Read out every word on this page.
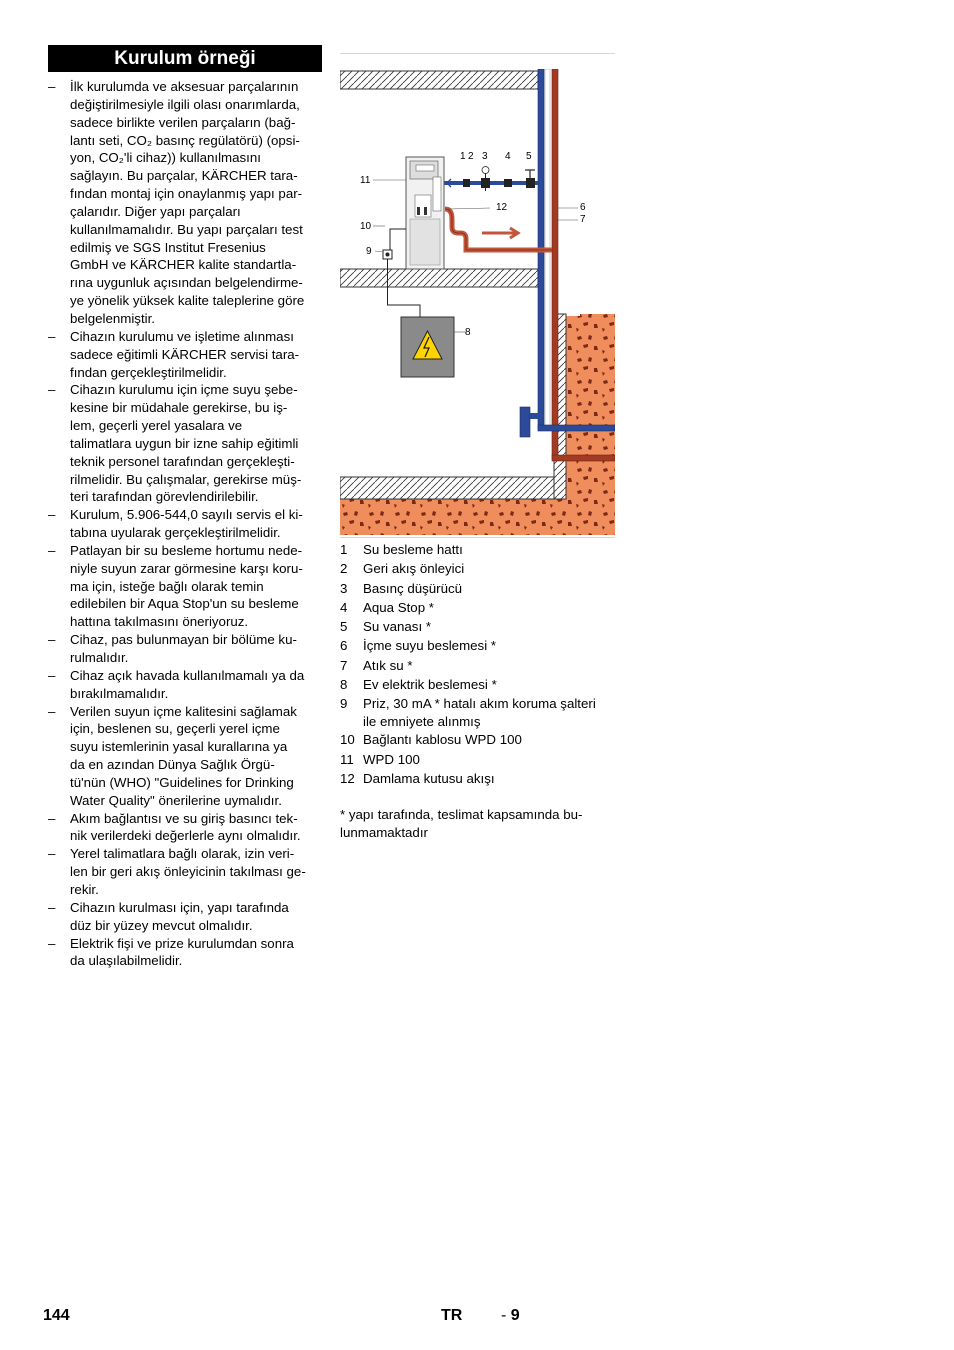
Kurulum örneği
– İlk kurulumda ve aksesuar parçalarının
değiştirilmesiyle ilgili olası onarımlarda,
sadece birlikte verilen parçaların (bağ-
lantı seti, CO₂ basınç regülatörü) (opsi-
yon, CO₂'li cihaz)) kullanılmasını
sağlayın. Bu parçalar, KÄRCHER tara-
fından montaj için onaylanmış yapı par-
çalarıdır. Diğer yapı parçaları
kullanılmamalıdır. Bu yapı parçaları test
edilmiş ve SGS Institut Fresenius
GmbH ve KÄRCHER kalite standartla-
rına uygunluk açısından belgelendirme-
ye yönelik yüksek kalite taleplerine göre
belgelenmiştir.
– Cihazın kurulumu ve işletime alınması
sadece eğitimli KÄRCHER servisi tara-
fından gerçekleştirilmelidir.
– Cihazın kurulumu için içme suyu şebe-
kesine bir müdahale gerekirse, bu iş-
lem, geçerli yerel yasalara ve
talimatlara uygun bir izne sahip eğitimli
teknik personel tarafından gerçekleşti-
rilmelidir. Bu çalışmalar, gerekirse müş-
teri tarafından görevlendirilebilir.
– Kurulum, 5.906-544,0 sayılı servis el ki-
tabına uyularak gerçekleştirilmelidir.
– Patlayan bir su besleme hortumu nede-
niyle suyun zarar görmesine karşı koru-
ma için, isteğe bağlı olarak temin
edilebilen bir Aqua Stop'un su besleme
hattına takılmasını öneriyoruz.
– Cihaz, pas bulunmayan bir bölüme ku-
rulmalıdır.
– Cihaz açık havada kullanılmamalı ya da
bırakılmamalıdır.
– Verilen suyun içme kalitesini sağlamak
için, beslenen su, geçerli yerel içme
suyu istemlerinin yasal kurallarına ya
da en azından Dünya Sağlık Örgü-
tü'nün (WHO) "Guidelines for Drinking
Water Quality" önerilerine uymalıdır.
– Akım bağlantısı ve su giriş basıncı tek-
nik verilerdeki değerlerle aynı olmalıdır.
– Yerel talimatlara bağlı olarak, izin veri-
len bir geri akış önleyicinin takılması ge-
rekir.
– Cihazın kurulması için, yapı tarafında
düz bir yüzey mevcut olmalıdır.
– Elektrik fişi ve prize kurulumdan sonra
da ulaşılabilmelidir.
1 2 3 4 5
6
7
8
9
10
11
12
1	Su besleme hattı
2	Geri akış önleyici
3	Basınç düşürücü
4	Aqua Stop *
5	Su vanası *
6	İçme suyu beslemesi *
7	Atık su *
8	Ev elektrik beslemesi *
9	Priz, 30 mA * hatalı akım koruma şalteri
ile emniyete alınmış
10 Bağlantı kablosu WPD 100
11 WPD 100
12 Damlama kutusu akışı
* yapı tarafında, teslimat kapsamında bu-
lunmamaktadır
144	TR - 9
